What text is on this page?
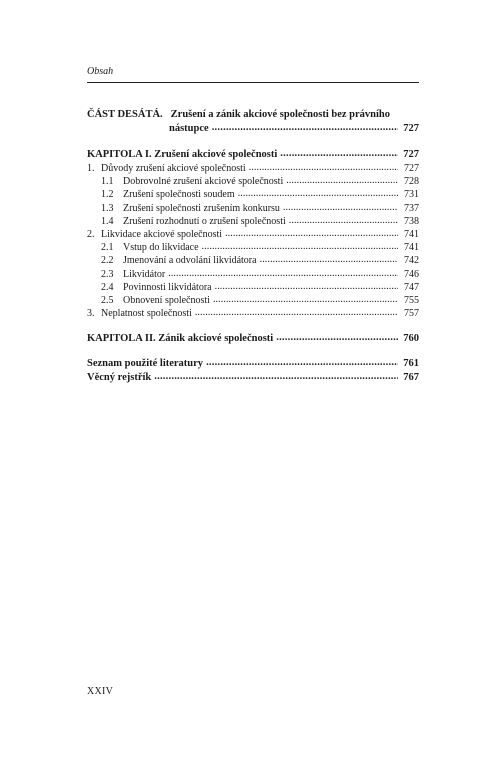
Obsah
ČÁST DESÁTÁ. Zrušení a zánik akciové společnosti bez právního
nástupce . . .	727
KAPITOLA I. Zrušení akciové společnosti . . .	727
1. Důvody zrušení akciové společnosti . . .	727
1.1 Dobrovolné zrušení akciové společnosti . . .	728
1.2 Zrušení společnosti soudem . . .	731
1.3 Zrušení společnosti zrušením konkursu . . .	737
1.4 Zrušení rozhodnutí o zrušení společnosti . . .	738
2. Likvidace akciové společnosti . . .	741
2.1 Vstup do likvidace . . .	741
2.2 Jmenování a odvolání likvidátora . . .	742
2.3 Likvidátor . . .	746
2.4 Povinnosti likvidátora . . .	747
2.5 Obnovení společnosti . . .	755
3. Neplatnost společnosti . . .	757
KAPITOLA II. Zánik akciové společnosti . . .	760
Seznam použité literatury . . .	761
Věcný rejstřík . . .	767
XXIV
